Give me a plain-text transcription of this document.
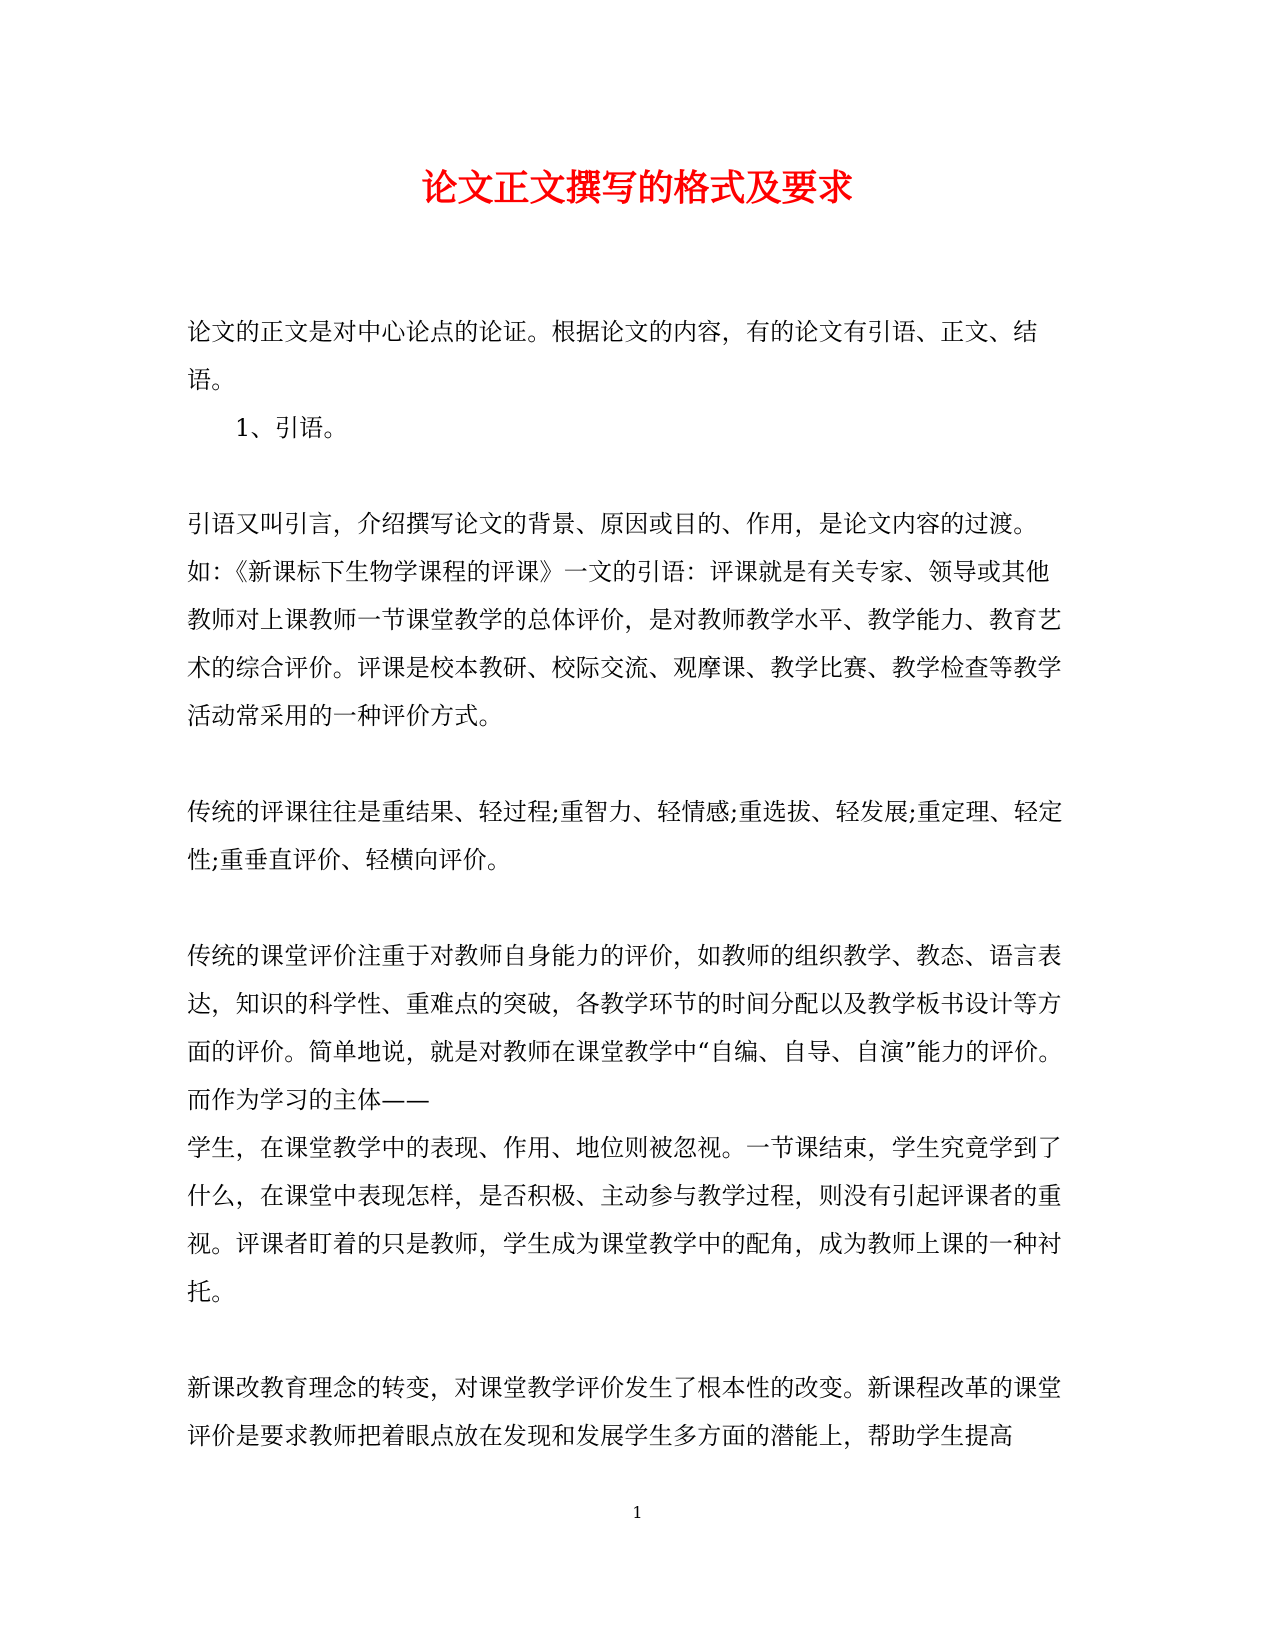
论文正文撰写的格式及要求

论文的正文是对中心论点的论证。根据论文的内容，有的论文有引语、正文、结语。

1、引语。

引语又叫引言，介绍撰写论文的背景、原因或目的、作用，是论文内容的过渡。如：《新课标下生物学课程的评课》一文的引语：评课就是有关专家、领导或其他教师对上课教师一节课堂教学的总体评价，是对教师教学水平、教学能力、教育艺术的综合评价。评课是校本教研、校际交流、观摩课、教学比赛、教学检查等教学活动常采用的一种评价方式。

传统的评课往往是重结果、轻过程;重智力、轻情感;重选拔、轻发展;重定理、轻定性;重垂直评价、轻横向评价。

传统的课堂评价注重于对教师自身能力的评价，如教师的组织教学、教态、语言表达，知识的科学性、重难点的突破，各教学环节的时间分配以及教学板书设计等方面的评价。简单地说，就是对教师在课堂教学中“自编、自导、自演”能力的评价。而作为学习的主体——

学生，在课堂教学中的表现、作用、地位则被忽视。一节课结束，学生究竟学到了什么，在课堂中表现怎样，是否积极、主动参与教学过程，则没有引起评课者的重视。评课者盯着的只是教师，学生成为课堂教学中的配角，成为教师上课的一种衬托。

新课改教育理念的转变，对课堂教学评价发生了根本性的改变。新课程改革的课堂评价是要求教师把着眼点放在发现和发展学生多方面的潜能上，帮助学生提高

1
